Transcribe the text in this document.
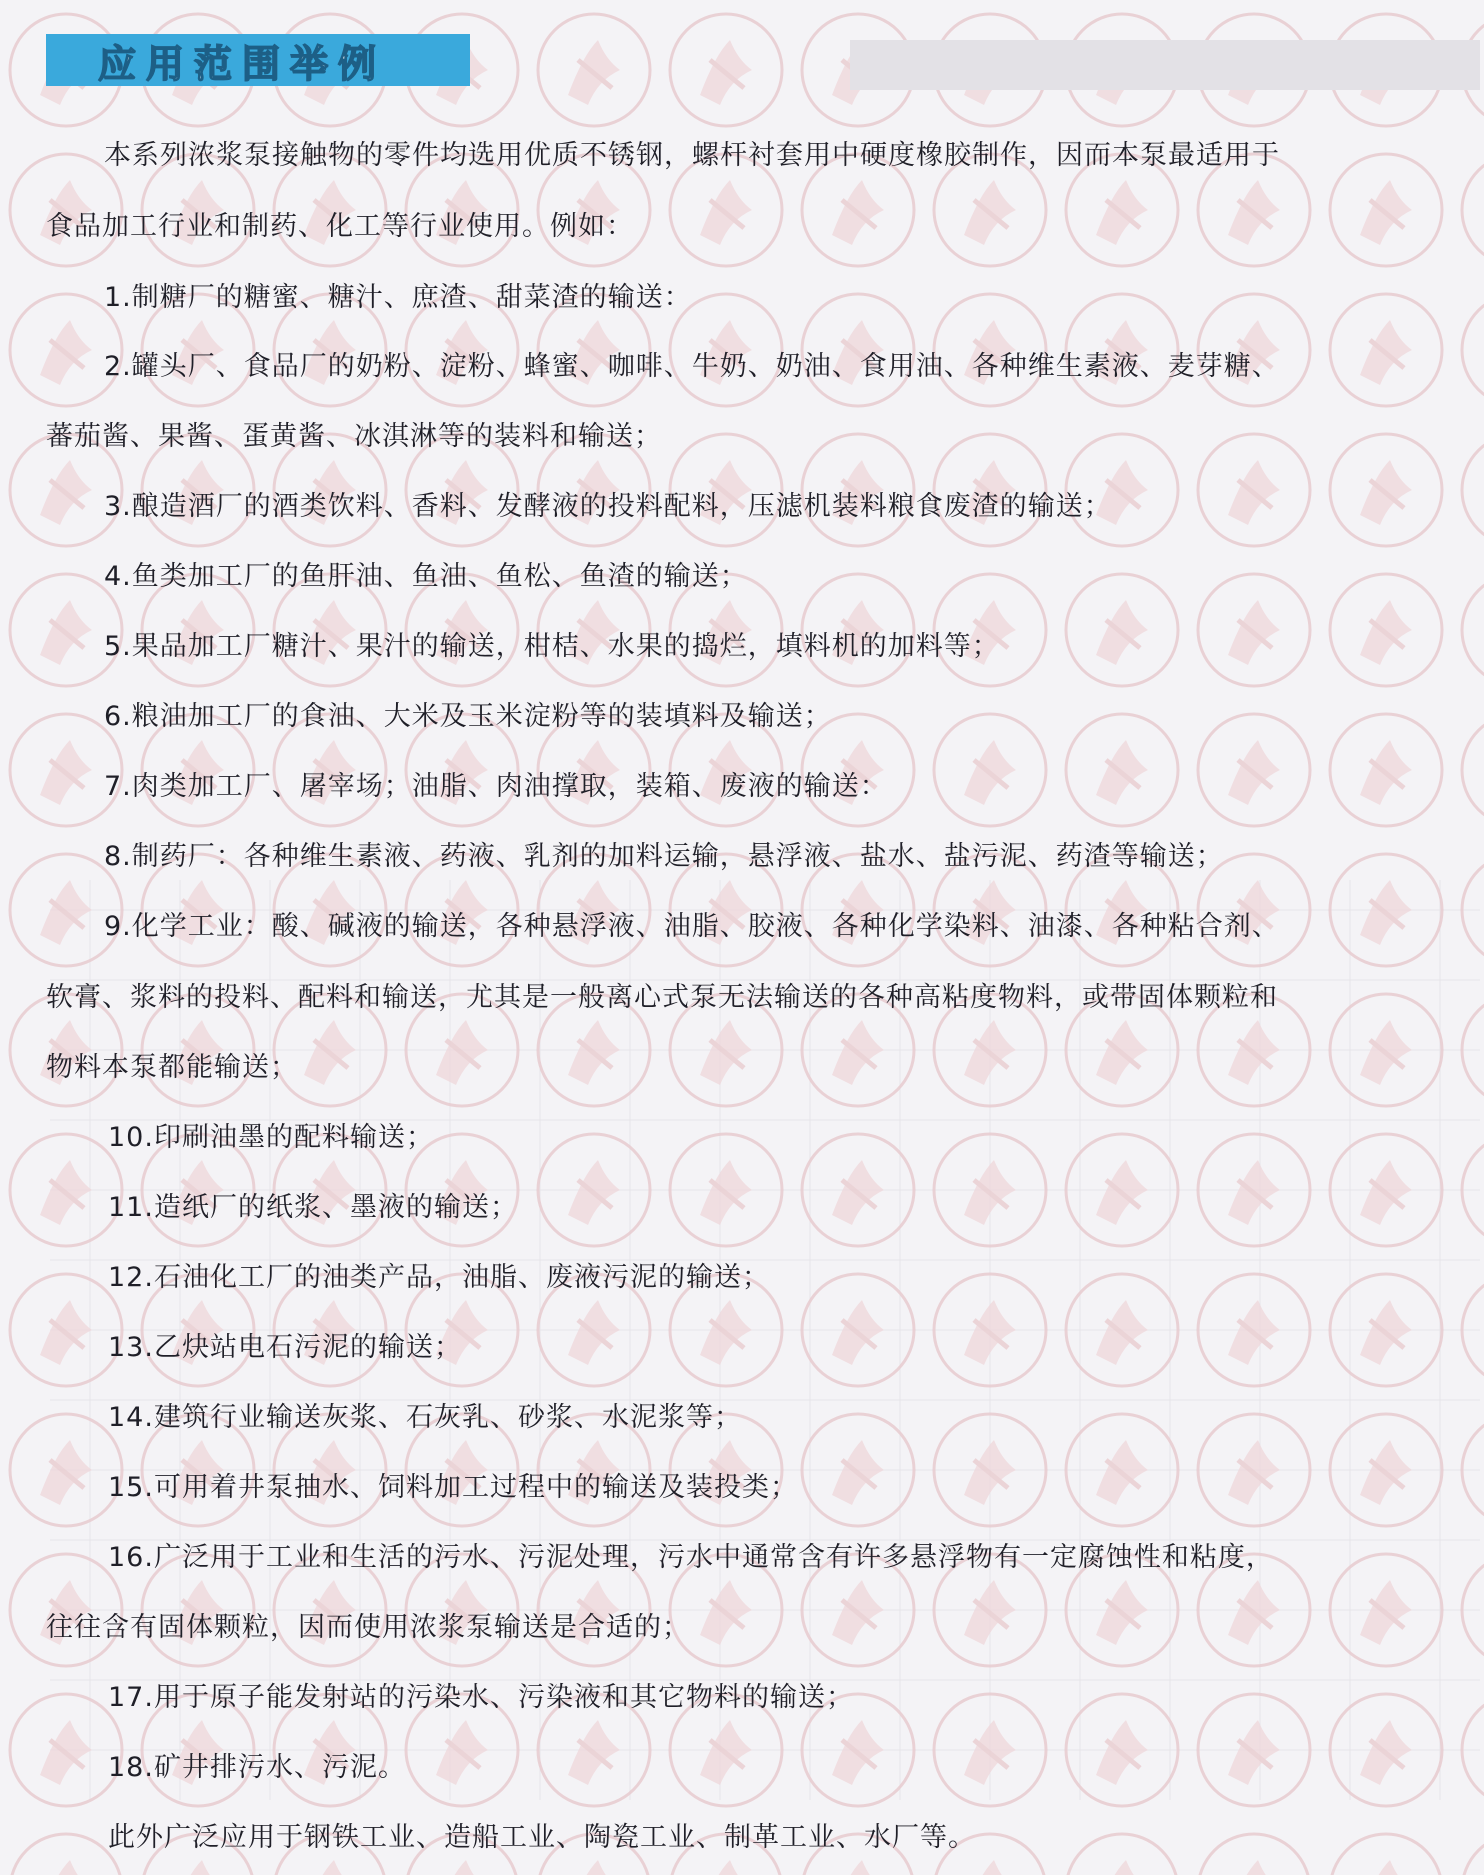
应用范围举例
本系列浓浆泵接触物的零件均选用优质不锈钢，螺杆衬套用中硬度橡胶制作，因而本泵最适用于
食品加工行业和制药、化工等行业使用。例如：
1.制糖厂的糖蜜、糖汁、庶渣、甜菜渣的输送：
2.罐头厂、食品厂的奶粉、淀粉、蜂蜜、咖啡、牛奶、奶油、食用油、各种维生素液、麦芽糖、
蕃茄酱、果酱、蛋黄酱、冰淇淋等的装料和输送；
3.酿造酒厂的酒类饮料、香料、发酵液的投料配料，压滤机装料粮食废渣的输送；
4.鱼类加工厂的鱼肝油、鱼油、鱼松、鱼渣的输送；
5.果品加工厂糖汁、果汁的输送，柑桔、水果的捣烂，填料机的加料等；
6.粮油加工厂的食油、大米及玉米淀粉等的装填料及输送；
7.肉类加工厂、屠宰场；油脂、肉油撑取，装箱、废液的输送：
8.制药厂：各种维生素液、药液、乳剂的加料运输，悬浮液、盐水、盐污泥、药渣等输送；
9.化学工业：酸、碱液的输送，各种悬浮液、油脂、胶液、各种化学染料、油漆、各种粘合剂、
软膏、浆料的投料、配料和输送，尤其是一般离心式泵无法输送的各种高粘度物料，或带固体颗粒和
物料本泵都能输送；
10.印刷油墨的配料输送；
11.造纸厂的纸浆、墨液的输送；
12.石油化工厂的油类产品，油脂、废液污泥的输送；
13.乙炔站电石污泥的输送；
14.建筑行业输送灰浆、石灰乳、砂浆、水泥浆等；
15.可用着井泵抽水、饲料加工过程中的输送及装投类；
16.广泛用于工业和生活的污水、污泥处理，污水中通常含有许多悬浮物有一定腐蚀性和粘度，
往往含有固体颗粒，因而使用浓浆泵输送是合适的；
17.用于原子能发射站的污染水、污染液和其它物料的输送；
18.矿井排污水、污泥。
此外广泛应用于钢铁工业、造船工业、陶瓷工业、制革工业、水厂等。
